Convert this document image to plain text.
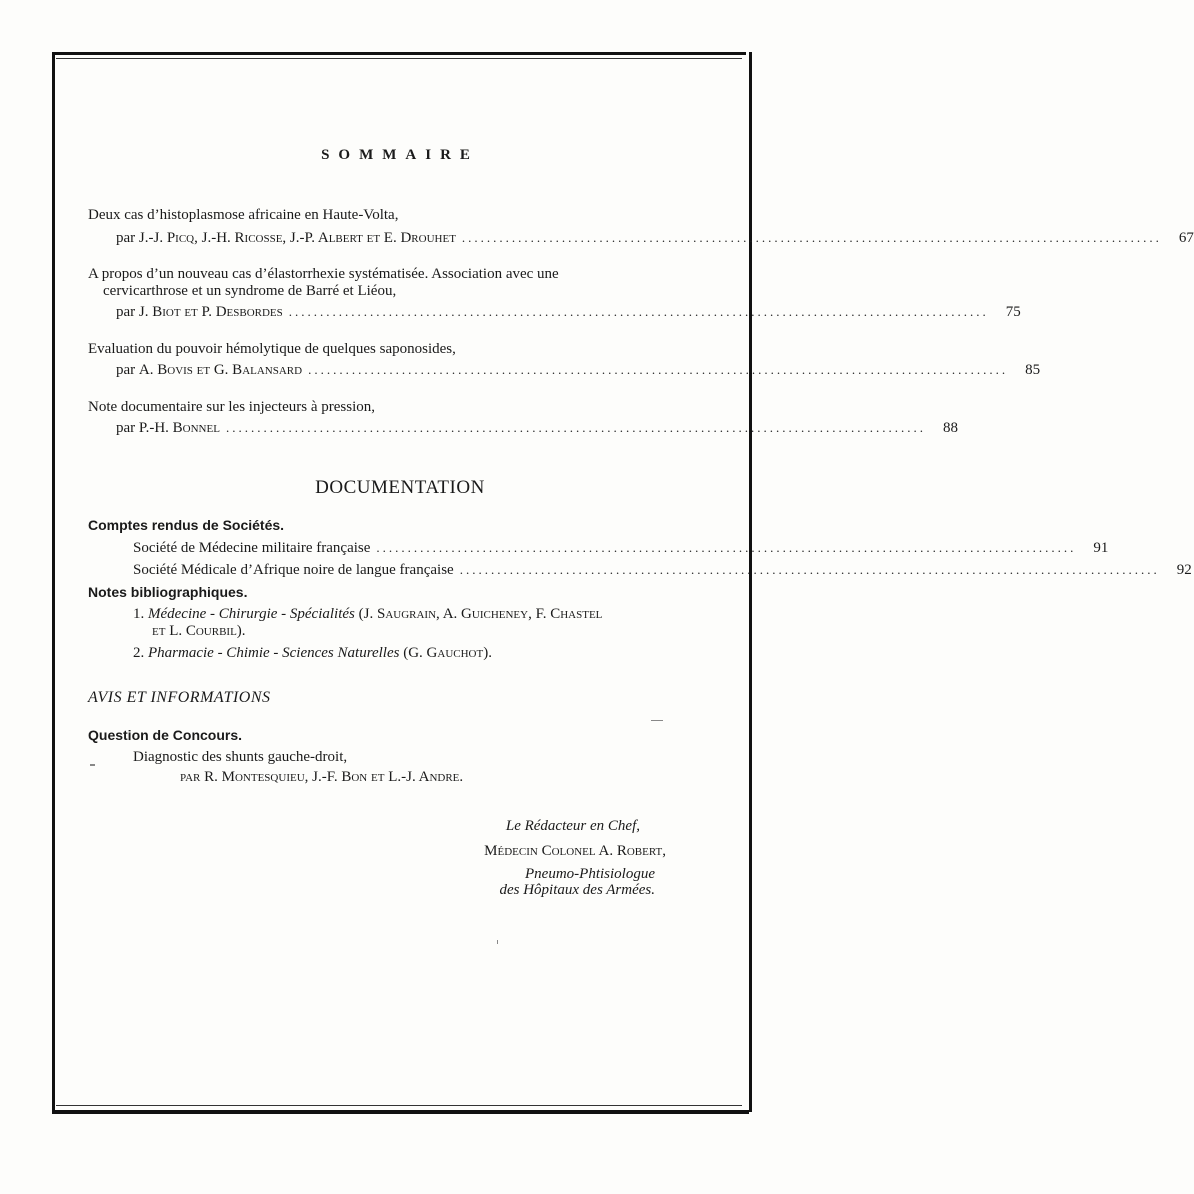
SOMMAIRE
Deux cas d’histoplasmose africaine en Haute-Volta,
par J.-J. Picq, J.-H. Ricosse, J.-P. Albert et E. Drouhet ................................................................................................................	67
A propos d’un nouveau cas d’élastorrhexie systématisée. Association avec une
cervicarthrose et un syndrome de Barré et Liéou,
par J. Biot et P. Desbordes ................................................................................................................	75
Evaluation du pouvoir hémolytique de quelques saponosides,
par A. Bovis et G. Balansard ................................................................................................................	85
Note documentaire sur les injecteurs à pression,
par P.-H. Bonnel ................................................................................................................	88
DOCUMENTATION
Comptes rendus de Sociétés.
Société de Médecine militaire française ................................................................................................................	91
Société Médicale d’Afrique noire de langue française ................................................................................................................	92
Notes bibliographiques.
1. Médecine - Chirurgie - Spécialités (J. Saugrain, A. Guicheney, F. Chastel
et L. Courbil).
2. Pharmacie - Chimie - Sciences Naturelles (G. Gauchot).
AVIS ET INFORMATIONS
Question de Concours.
Diagnostic des shunts gauche-droit,
par R. Montesquieu, J.-F. Bon et L.-J. Andre.
Le Rédacteur en Chef,
Médecin Colonel A. Robert,
Pneumo-Phtisiologue
des Hôpitaux des Armées.
